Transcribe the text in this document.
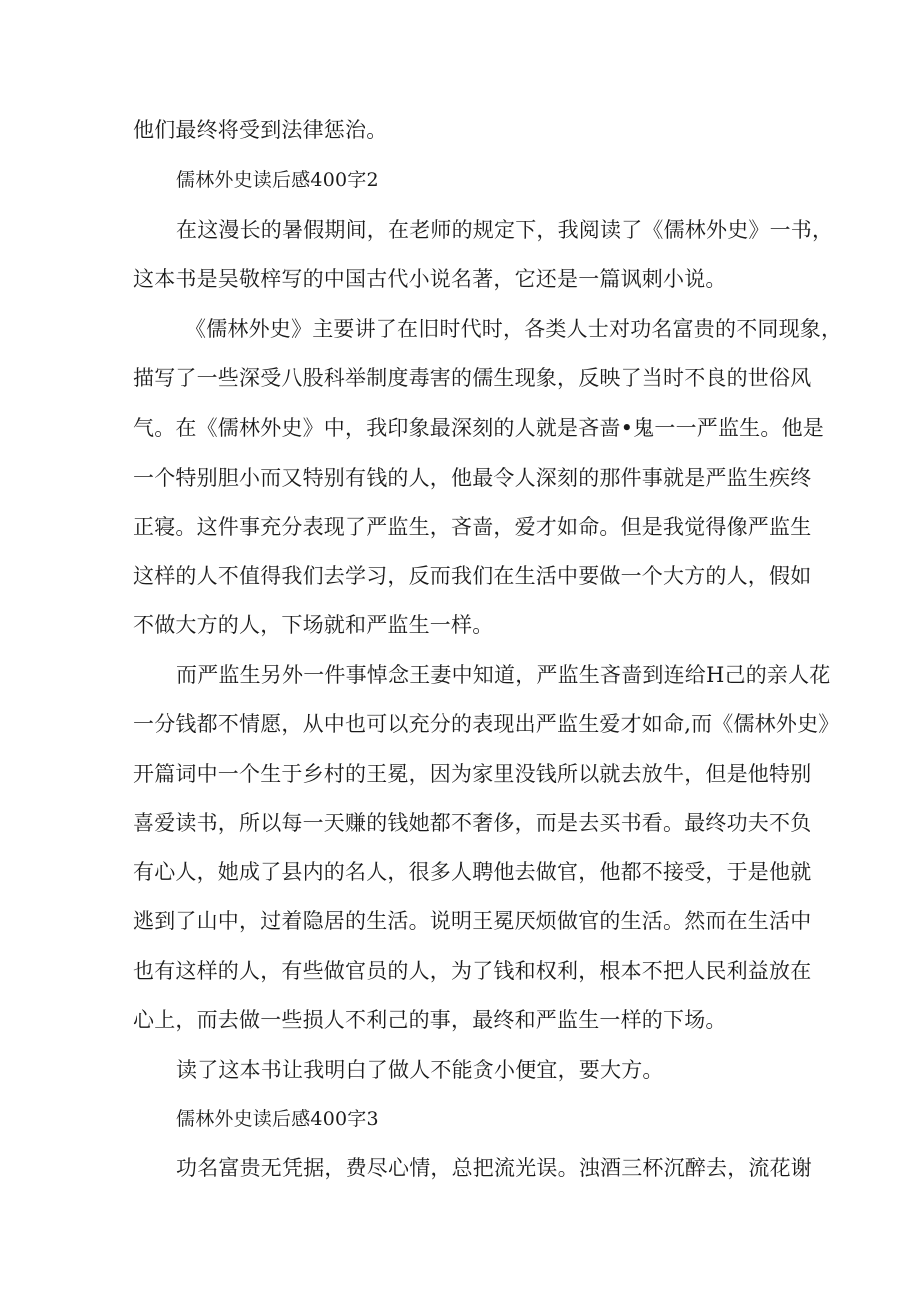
他们最终将受到法律惩治。
儒林外史读后感400字2
在这漫长的暑假期间，在老师的规定下，我阅读了《儒林外史》一书，
这本书是吴敬梓写的中国古代小说名著，它还是一篇讽刺小说。
《儒林外史》主要讲了在旧时代时，各类人士对功名富贵的不同现象，
描写了一些深受八股科举制度毒害的儒生现象，反映了当时不良的世俗风
气。在《儒林外史》中，我印象最深刻的人就是吝啬•鬼一一严监生。他是
一个特别胆小而又特别有钱的人，他最令人深刻的那件事就是严监生疾终
正寝。这件事充分表现了严监生，吝啬，爱才如命。但是我觉得像严监生
这样的人不值得我们去学习，反而我们在生活中要做一个大方的人，假如
不做大方的人，下场就和严监生一样。
而严监生另外一件事悼念王妻中知道，严监生吝啬到连给H己的亲人花
一分钱都不情愿，从中也可以充分的表现出严监生爱才如命,而《儒林外史》
开篇词中一个生于乡村的王冕，因为家里没钱所以就去放牛，但是他特别
喜爱读书，所以每一天赚的钱她都不奢侈，而是去买书看。最终功夫不负
有心人，她成了县内的名人，很多人聘他去做官，他都不接受，于是他就
逃到了山中，过着隐居的生活。说明王冕厌烦做官的生活。然而在生活中
也有这样的人，有些做官员的人，为了钱和权利，根本不把人民利益放在
心上，而去做一些损人不利己的事，最终和严监生一样的下场。
读了这本书让我明白了做人不能贪小便宜，要大方。
儒林外史读后感400字3
功名富贵无凭据，费尽心情，总把流光误。浊酒三杯沉醉去，流花谢
